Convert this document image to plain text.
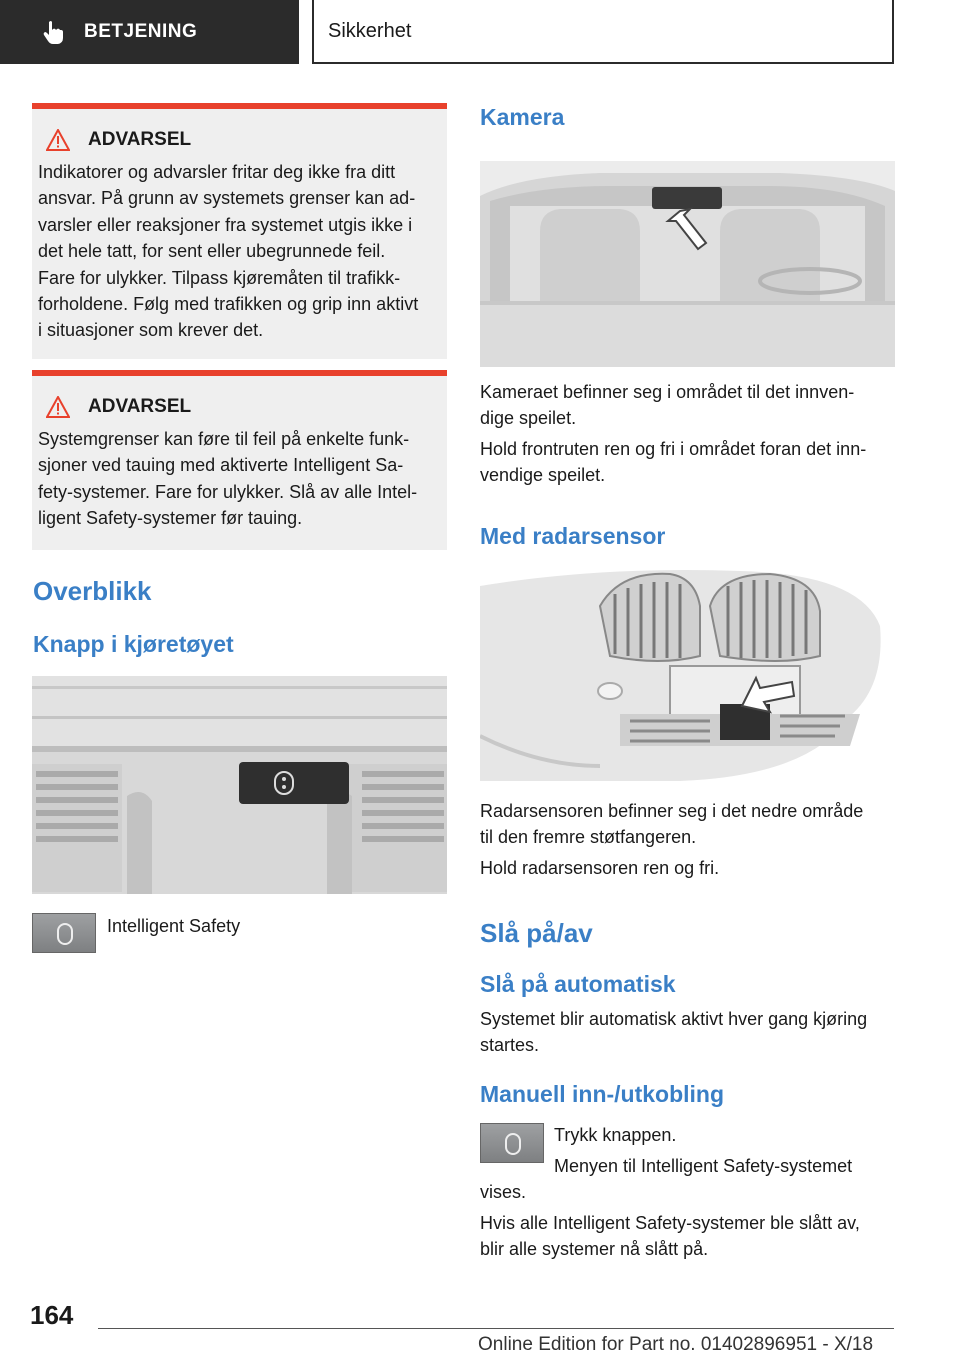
BETJENING	Sikkerhet
ADVARSEL
Indikatorer og advarsler fritar deg ikke fra ditt
ansvar. På grunn av systemets grenser kan ad-
varsler eller reaksjoner fra systemet utgis ikke i
det hele tatt, for sent eller ubegrunnede feil.
Fare for ulykker. Tilpass kjøremåten til trafikk-
forholdene. Følg med trafikken og grip inn aktivt
i situasjoner som krever det.
ADVARSEL
Systemgrenser kan føre til feil på enkelte funk-
sjoner ved tauing med aktiverte Intelligent Sa-
fety-systemer. Fare for ulykker. Slå av alle Intel-
ligent Safety-systemer før tauing.
Overblikk
Knapp i kjøretøyet

Intelligent Safety

Kamera
Kameraet befinner seg i området til det innven-
dige speilet.
Hold frontruten ren og fri i området foran det inn-
vendige speilet.
Med radarsensor
Radarsensoren befinner seg i det nedre område
til den fremre støtfangeren.
Hold radarsensoren ren og fri.
Slå på/av
Slå på automatisk
Systemet blir automatisk aktivt hver gang kjøring
startes.
Manuell inn-/utkobling

Trykk knappen.

Menyen til Intelligent Safety-systemet

vises.

Hvis alle Intelligent Safety-systemer ble slått av,
blir alle systemer nå slått på.
164
Online Edition for Part no. 01402896951 - X/18
